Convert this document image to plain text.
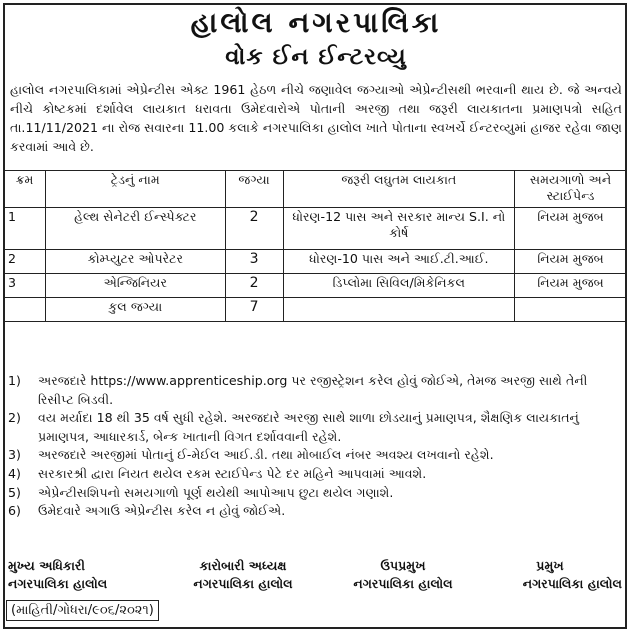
હાલોલ નગરપાલિકા
વોક ઈન ઈન્ટરવ્યુ
હાલોલ નગરપાલિકામાં એપ્રેન્ટીસ એક્ટ 1961 હેઠળ નીચે જણાવેલ જગ્યાઓ એપ્રેન્ટીસથી ભરવાની થાય છે. જે અન્વયે નીચે કોષ્ટકમાં દર્શાવેલ લાયકાત ધરાવતા ઉમેદવારોએ પોતાની અરજી તથા જરૂરી લાયકાતના પ્રમાણપત્રો સહિત તા.11/11/2021 ના રોજ સવારના 11.00 કલાકે નગરપાલિકા હાલોલ ખાતે પોતાના સ્વખર્ચે ઈન્ટરવ્યુમાં હાજર રહેવા જાણ કરવામાં આવે છે.
ક્રમ	ટ્રેડનું નામ	જગ્યા	જરૂરી લઘુતમ લાયકાત	સમયગાળો અને સ્ટાઈપેન્ડ
1	હેલ્થ સેનેટરી ઈન્સ્પેક્ટર	2	ધોરણ-12 પાસ અને સરકાર માન્ય S.I. નો કોર્ષ	નિયમ મુજબ
2	કોમ્પ્યુટર ઓપરેટર	3	ધોરણ-10 પાસ અને આઈ.ટી.આઈ.	નિયમ મુજબ
3	એન્જિનિયર	2	ડિપ્લોમા સિવિલ/મિકેનિકલ	નિયમ મુજબ
	કુલ જગ્યા	7		
1)	અરજદારે https://www.apprenticeship.org પર રજીસ્ટ્રેશન કરેલ હોવું જોઈએ, તેમજ અરજી સાથે તેની રિસીપ્ટ બિડવી.
2)	વય મર્યાદા 18 થી 35 વર્ષ સુધી રહેશે. અરજદારે અરજી સાથે શાળા છોડયાનું પ્રમાણપત્ર, શૈક્ષણિક લાયકાતનું પ્રમાણપત્ર, આધારકાર્ડ, બેન્ક ખાતાની વિગત દર્શાવવાની રહેશે.
3)	અરજદારે અરજીમાં પોતાનું ઈ-મેઈલ આઈ.ડી. તથા મોબાઈલ નંબર અવશ્ય લખવાનો રહેશે.
4)	સરકારશ્રી દ્વારા નિયત થયેલ રકમ સ્ટાઈપેન્ડ પેટે દર મહિને આપવામાં આવશે.
5)	એપ્રેન્ટીસશિપનો સમયગાળો પૂર્ણ થયેથી આપોઆપ છુટા થયેલ ગણાશે.
6)	ઉમેદવારે અગાઉ એપ્રેન્ટીસ કરેલ ન હોવું જોઈએ.
મુખ્ય અધિકારી	કારોબારી અધ્યક્ષ	ઉપપ્રમુખ	પ્રમુખ
નગરપાલિકા હાલોલ	નગરપાલિકા હાલોલ	નગરપાલિકા હાલોલ	નગરપાલિકા હાલોલ
(માહિતી/ગોધરા/૯૦૬/૨૦૨૧)
